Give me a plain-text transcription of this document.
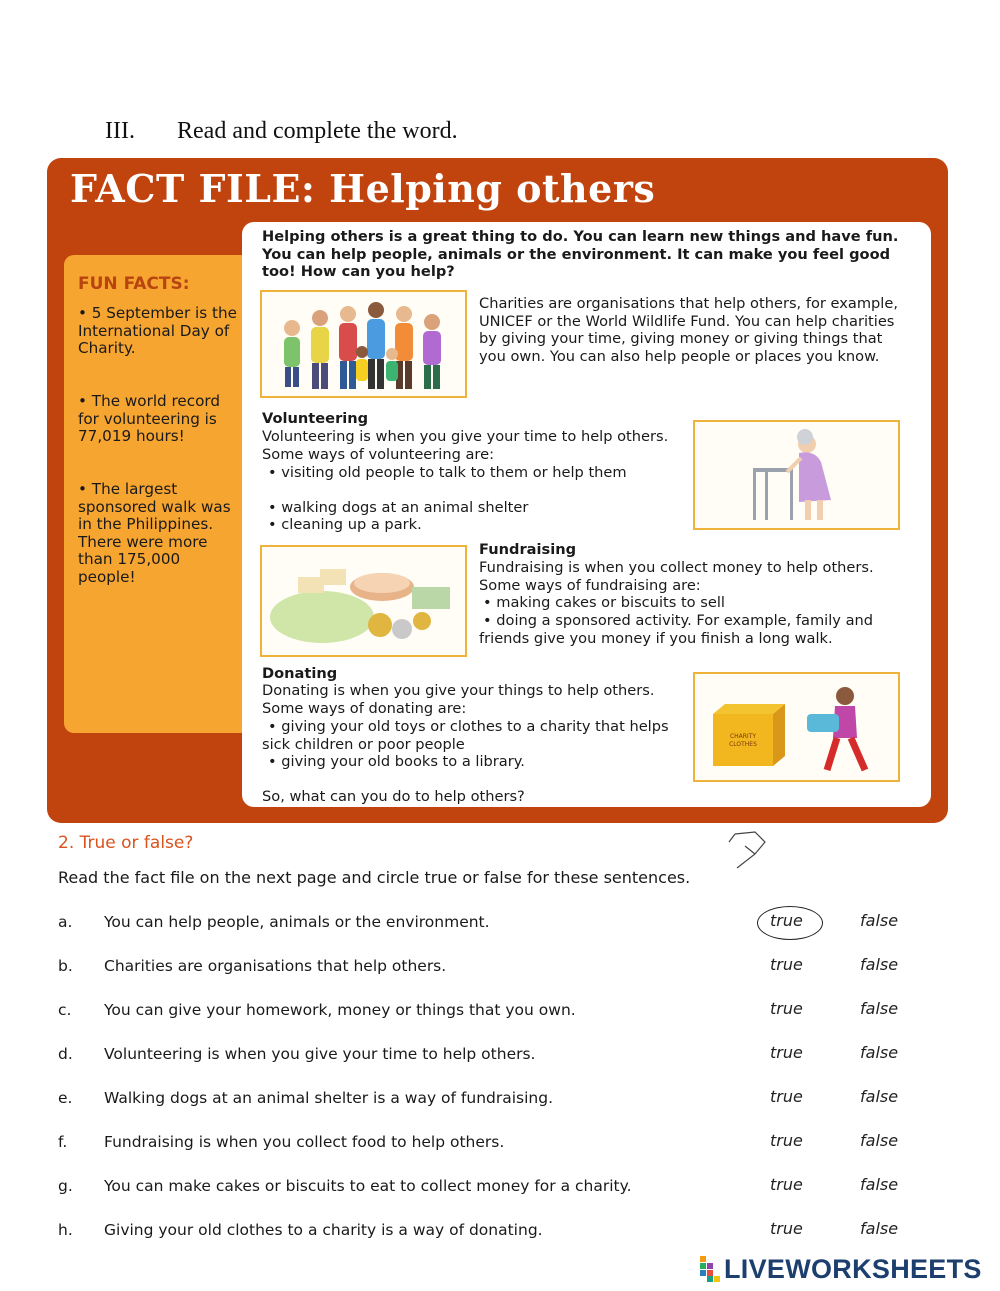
III. Read and complete the word.
FACT FILE: Helping others
FUN FACTS:
• 5 September is the International Day of Charity.
• The world record for volunteering is 77,019 hours!
• The largest sponsored walk was in the Philippines. There were more than 175,000 people!
Helping others is a great thing to do. You can learn new things and have fun. You can help people, animals or the environment. It can make you feel good too! How can you help?
Charities are organisations that help others, for example, UNICEF or the World Wildlife Fund. You can help charities by giving your time, giving money or giving things that you own. You can also help people or places you know.
Volunteering
Volunteering is when you give your time to help others. Some ways of volunteering are:
• visiting old people to talk to them or help them
• walking dogs at an animal shelter
• cleaning up a park.
Fundraising
Fundraising is when you collect money to help others. Some ways of fundraising are:
• making cakes or biscuits to sell
• doing a sponsored activity. For example, family and friends give you money if you finish a long walk.
Donating
Donating is when you give your things to help others. Some ways of donating are:
• giving your old toys or clothes to a charity that helps sick children or poor people
• giving your old books to a library.
CHARITY
CLOTHES
So, what can you do to help others?
2. True or false?
Read the fact file on the next page and circle true or false for these sentences.
a. You can help people, animals or the environment.	true	false
b. Charities are organisations that help others.	true	false
c. You can give your homework, money or things that you own.	true	false
d. Volunteering is when you give your time to help others.	true	false
e. Walking dogs at an animal shelter is a way of fundraising.	true	false
f. Fundraising is when you collect food to help others.	true	false
g. You can make cakes or biscuits to eat to collect money for a charity.	true	false
h. Giving your old clothes to a charity is a way of donating.	true	false
LIVEWORKSHEETS
